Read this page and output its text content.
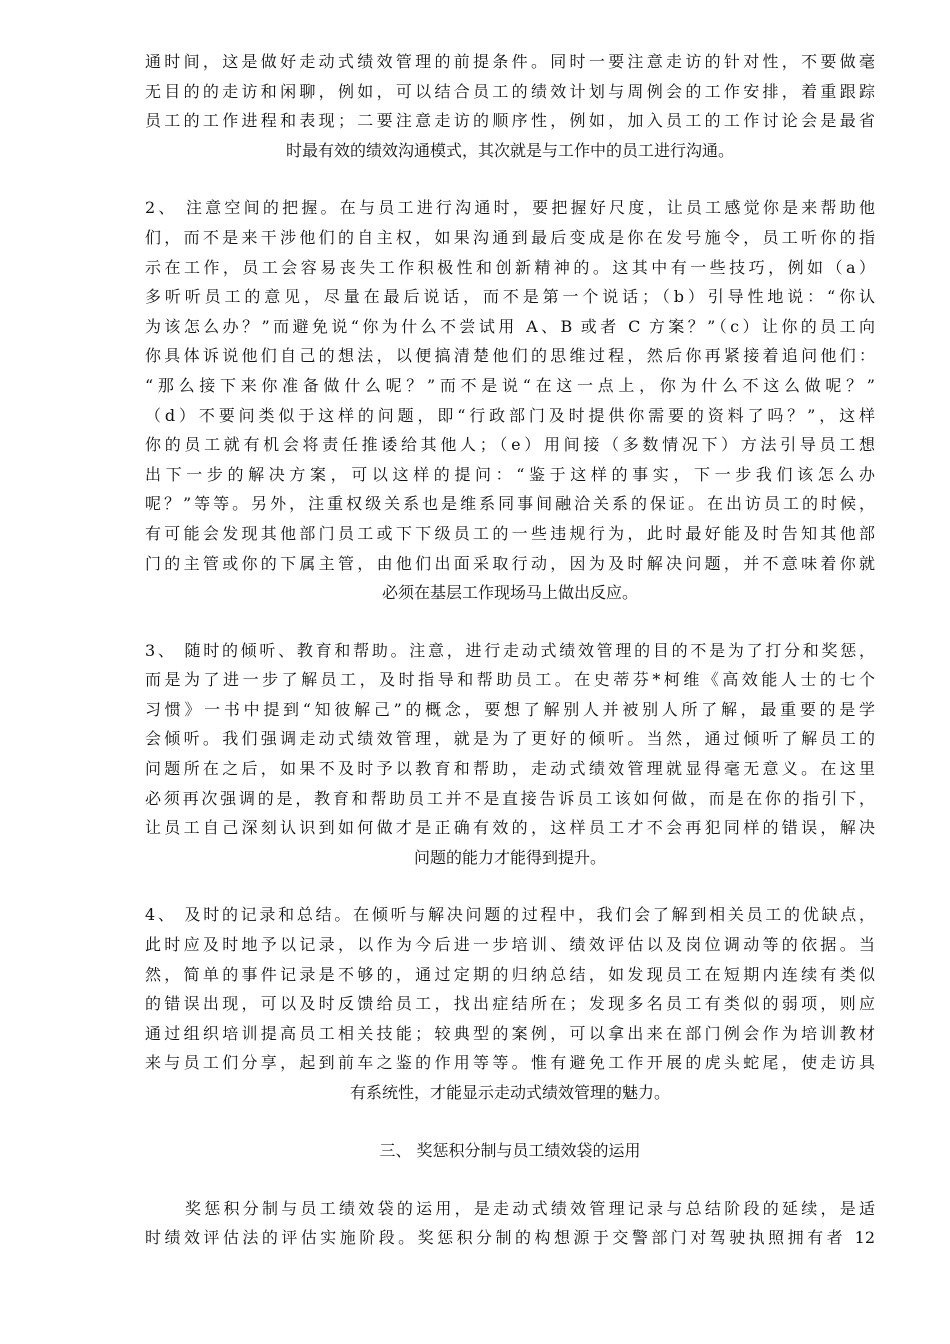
通时间，这是做好走动式绩效管理的前提条件。同时一要注意走访的针对性，不要做毫
无目的的走访和闲聊，例如，可以结合员工的绩效计划与周例会的工作安排，着重跟踪
员工的工作进程和表现；二要注意走访的顺序性，例如，加入员工的工作讨论会是最省
时最有效的绩效沟通模式，其次就是与工作中的员工进行沟通。
2、 注意空间的把握。在与员工进行沟通时，要把握好尺度，让员工感觉你是来帮助他
们，而不是来干涉他们的自主权，如果沟通到最后变成是你在发号施令，员工听你的指
示在工作，员工会容易丧失工作积极性和创新精神的。这其中有一些技巧，例如（a）
多听听员工的意见，尽量在最后说话，而不是第一个说话；（b）引导性地说：“你认
为该怎么办？”而避免说“你为什么不尝试用 A、B 或者 C 方案？”（c）让你的员工向
你具体诉说他们自己的想法，以便搞清楚他们的思维过程，然后你再紧接着追问他们：
“那么接下来你准备做什么呢？”而不是说“在这一点上，你为什么不这么做呢？”
（d）不要问类似于这样的问题，即“行政部门及时提供你需要的资料了吗？”，这样
你的员工就有机会将责任推诿给其他人；（e）用间接（多数情况下）方法引导员工想
出下一步的解决方案，可以这样的提问：“鉴于这样的事实，下一步我们该怎么办
呢？”等等。另外，注重权级关系也是维系同事间融洽关系的保证。在出访员工的时候，
有可能会发现其他部门员工或下下级员工的一些违规行为，此时最好能及时告知其他部
门的主管或你的下属主管，由他们出面采取行动，因为及时解决问题，并不意味着你就
必须在基层工作现场马上做出反应。
3、 随时的倾听、教育和帮助。注意，进行走动式绩效管理的目的不是为了打分和奖惩，
而是为了进一步了解员工，及时指导和帮助员工。在史蒂芬*柯维《高效能人士的七个
习惯》一书中提到“知彼解己”的概念，要想了解别人并被别人所了解，最重要的是学
会倾听。我们强调走动式绩效管理，就是为了更好的倾听。当然，通过倾听了解员工的
问题所在之后，如果不及时予以教育和帮助，走动式绩效管理就显得毫无意义。在这里
必须再次强调的是，教育和帮助员工并不是直接告诉员工该如何做，而是在你的指引下，
让员工自己深刻认识到如何做才是正确有效的，这样员工才不会再犯同样的错误，解决
问题的能力才能得到提升。
4、 及时的记录和总结。在倾听与解决问题的过程中，我们会了解到相关员工的优缺点，
此时应及时地予以记录，以作为今后进一步培训、绩效评估以及岗位调动等的依据。当
然，简单的事件记录是不够的，通过定期的归纳总结，如发现员工在短期内连续有类似
的错误出现，可以及时反馈给员工，找出症结所在；发现多名员工有类似的弱项，则应
通过组织培训提高员工相关技能；较典型的案例，可以拿出来在部门例会作为培训教材
来与员工们分享，起到前车之鉴的作用等等。惟有避免工作开展的虎头蛇尾，使走访具
有系统性，才能显示走动式绩效管理的魅力。
三、 奖惩积分制与员工绩效袋的运用
奖惩积分制与员工绩效袋的运用，是走动式绩效管理记录与总结阶段的延续，是适
时绩效评估法的评估实施阶段。奖惩积分制的构想源于交警部门对驾驶执照拥有者 12
